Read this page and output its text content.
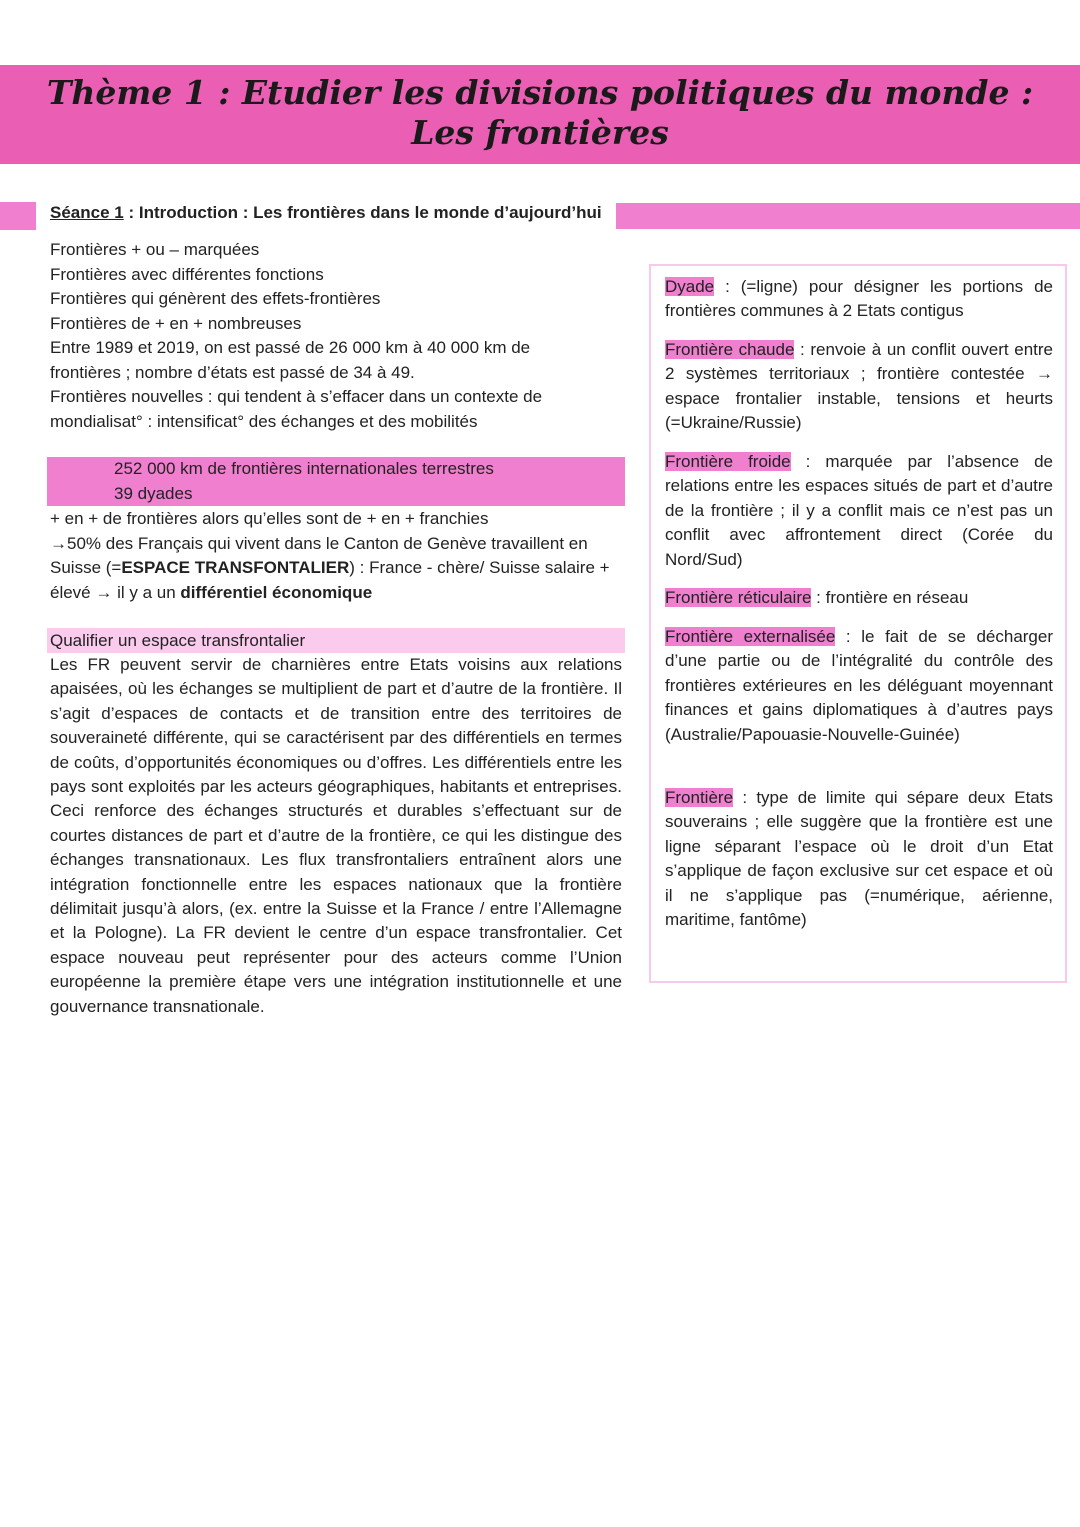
Thème 1 : Etudier les divisions politiques du monde :
Les frontières
Séance 1 : Introduction : Les frontières dans le monde d’aujourd’hui
Frontières + ou – marquées
Frontières avec différentes fonctions
Frontières qui génèrent des effets-frontières
Frontières de + en + nombreuses
Entre 1989 et 2019, on est passé de 26 000 km à 40 000 km de
frontières ; nombre d’états est passé de 34 à 49.
Frontières nouvelles : qui tendent à s’effacer dans un contexte de
mondialisat° : intensificat° des échanges et des mobilités
252 000 km de frontières internationales terrestres
39 dyades
+ en + de frontières alors qu’elles sont de + en + franchies
→50% des Français qui vivent dans le Canton de Genève travaillent en
Suisse (=ESPACE TRANSFONTALIER) : France - chère/ Suisse salaire +
élevé → il y a un différentiel économique
Qualifier un espace transfrontalier
Les FR peuvent servir de charnières entre Etats voisins aux relations apaisées, où les échanges se multiplient de part et d’autre de la frontière. Il s’agit d’espaces de contacts et de transition entre des territoires de souveraineté différente, qui se caractérisent par des différentiels en termes de coûts, d’opportunités économiques ou d’offres. Les différentiels entre les pays sont exploités par les acteurs géographiques, habitants et entreprises. Ceci renforce des échanges structurés et durables s’effectuant sur de courtes distances de part et d’autre de la frontière, ce qui les distingue des échanges transnationaux. Les flux transfrontaliers entraînent alors une intégration fonctionnelle entre les espaces nationaux que la frontière délimitait jusqu’à alors, (ex. entre la Suisse et la France / entre l’Allemagne et la Pologne). La FR devient le centre d’un espace transfrontalier. Cet espace nouveau peut représenter pour des acteurs comme l’Union européenne la première étape vers une intégration institutionnelle et une gouvernance transnationale.
Dyade : (=ligne) pour désigner les portions de frontières communes à 2 Etats contigus
Frontière chaude : renvoie à un conflit ouvert entre 2 systèmes territoriaux ; frontière contestée → espace frontalier instable, tensions et heurts (=Ukraine/Russie)
Frontière froide : marquée par l’absence de relations entre les espaces situés de part et d’autre de la frontière ; il y a conflit mais ce n’est pas un conflit avec affrontement direct (Corée du Nord/Sud)
Frontière réticulaire : frontière en réseau
Frontière externalisée : le fait de se décharger d’une partie ou de l’intégralité du contrôle des frontières extérieures en les déléguant moyennant finances et gains diplomatiques à d’autres pays (Australie/Papouasie-Nouvelle-Guinée)
Frontière : type de limite qui sépare deux Etats souverains ; elle suggère que la frontière est une ligne séparant l’espace où le droit d’un Etat s’applique de façon exclusive sur cet espace et où il ne s’applique pas (=numérique, aérienne, maritime, fantôme)
